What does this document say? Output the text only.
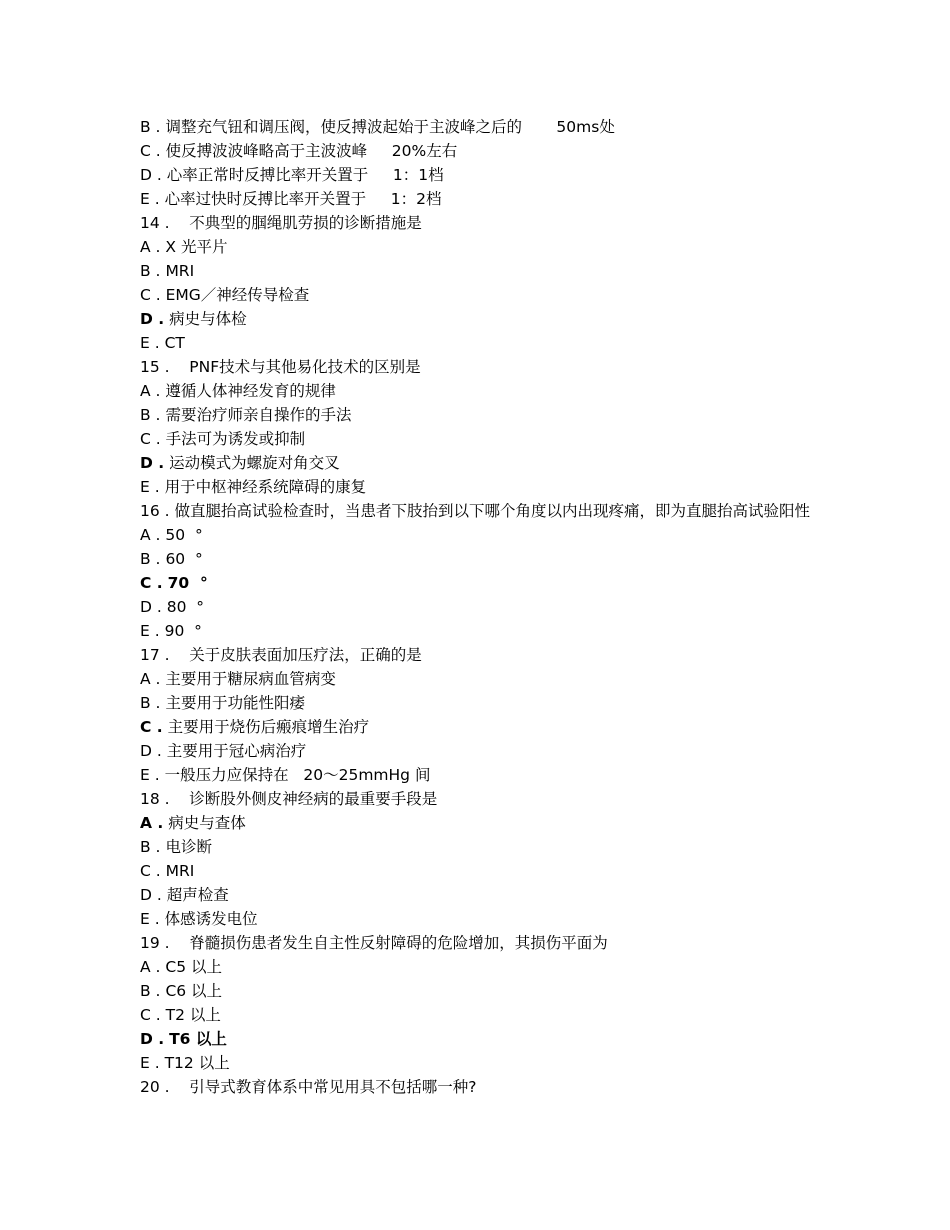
B . 调整充气钮和调压阀，使反搏波起始于主波峰之后的       50ms处
C . 使反搏波波峰略高于主波波峰     20%左右
D . 心率正常时反搏比率开关置于     1：1档
E . 心率过快时反搏比率开关置于     1：2档
14 .    不典型的腘绳肌劳损的诊断措施是
A . X 光平片
B . MRI
C . EMG／神经传导检查
D . 病史与体检
E . CT
15 .    PNF技术与其他易化技术的区别是
A . 遵循人体神经发育的规律
B . 需要治疗师亲自操作的手法
C . 手法可为诱发或抑制
D . 运动模式为螺旋对角交叉
E . 用于中枢神经系统障碍的康复
16 . 做直腿抬高试验检查时，当患者下肢抬到以下哪个角度以内出现疼痛，即为直腿抬高试验阳性
A . 50  °
B . 60  °
C . 70  °
D . 80  °
E . 90  °
17 .    关于皮肤表面加压疗法，正确的是
A . 主要用于糖尿病血管病变
B . 主要用于功能性阳痿
C . 主要用于烧伤后瘢痕增生治疗
D . 主要用于冠心病治疗
E . 一般压力应保持在   20～25mmHg 间
18 .    诊断股外侧皮神经病的最重要手段是
A . 病史与查体
B . 电诊断
C . MRI
D . 超声检查
E . 体感诱发电位
19 .    脊髓损伤患者发生自主性反射障碍的危险增加，其损伤平面为
A . C5 以上
B . C6 以上
C . T2 以上
D . T6 以上
E . T12 以上
20 .    引导式教育体系中常见用具不包括哪一种?
